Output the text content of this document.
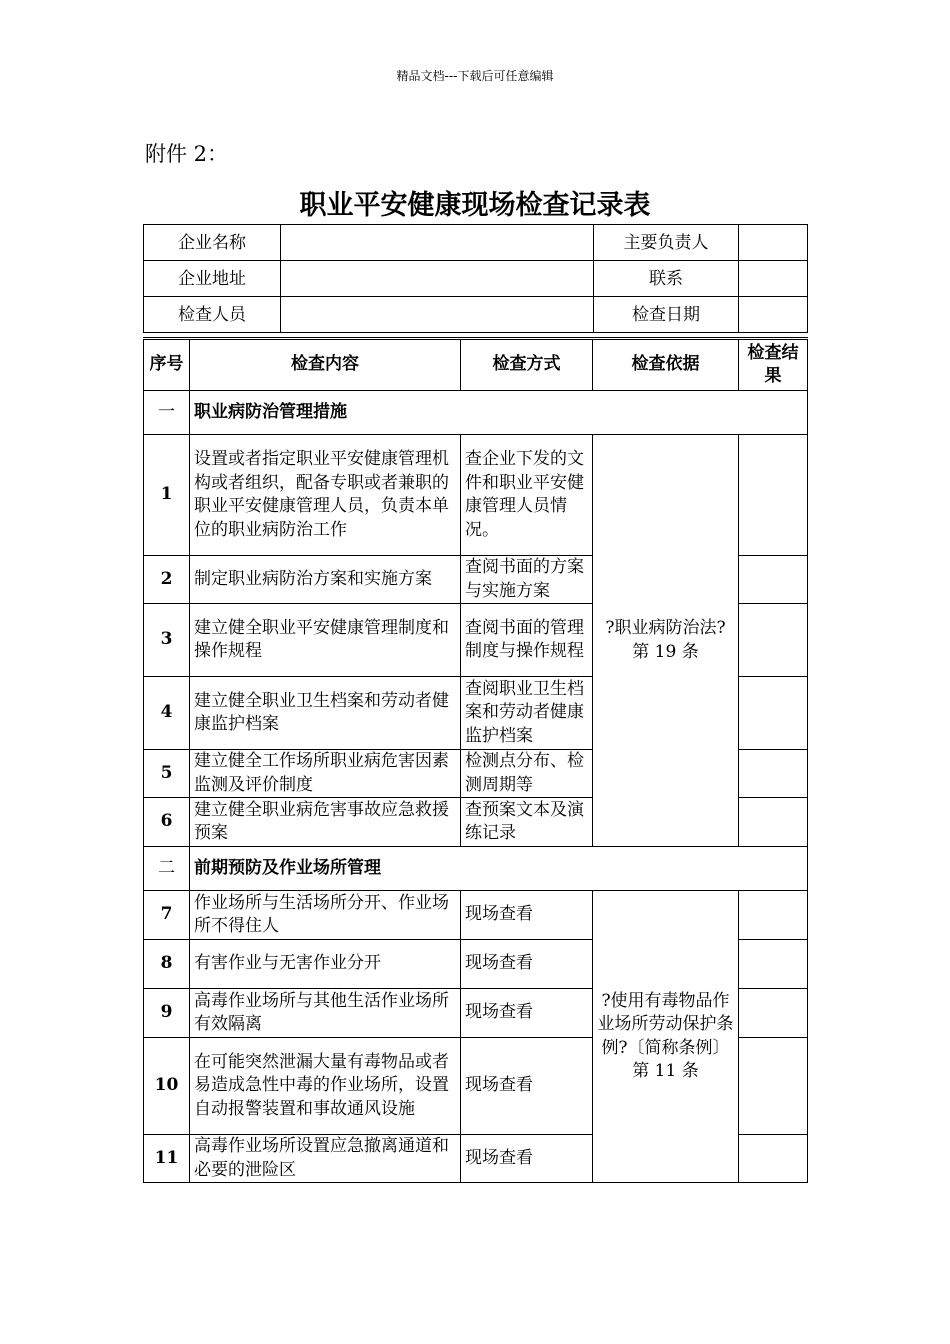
精品文档---下载后可任意编辑
附件 2：
职业平安健康现场检查记录表
企业名称		主要负责人	
企业地址		联系	
检查人员		检查日期	
序号	检查内容	检查方式	检查依据	检查结果
一	职业病防治管理措施			
1	设置或者指定职业平安健康管理机构或者组织，配备专职或者兼职的职业平安健康管理人员，负责本单位的职业病防治工作	查企业下发的文件和职业平安健康管理人员情况。	?职业病防治法?第 19 条	
2	制定职业病防治方案和实施方案	查阅书面的方案与实施方案		
3	建立健全职业平安健康管理制度和操作规程	查阅书面的管理制度与操作规程		
4	建立健全职业卫生档案和劳动者健康监护档案	查阅职业卫生档案和劳动者健康监护档案		
5	建立健全工作场所职业病危害因素监测及评价制度	检测点分布、检测周期等		
6	建立健全职业病危害事故应急救援预案	查预案文本及演练记录		
二	前期预防及作业场所管理			
7	作业场所与生活场所分开、作业场所不得住人	现场查看	?使用有毒物品作业场所劳动保护条例?〔简称条例〕第 11 条	
8	有害作业与无害作业分开	现场查看		
9	高毒作业场所与其他生活作业场所有效隔离	现场查看		
10	在可能突然泄漏大量有毒物品或者易造成急性中毒的作业场所，设置自动报警装置和事故通风设施	现场查看		
11	高毒作业场所设置应急撤离通道和必要的泄险区	现场查看		
